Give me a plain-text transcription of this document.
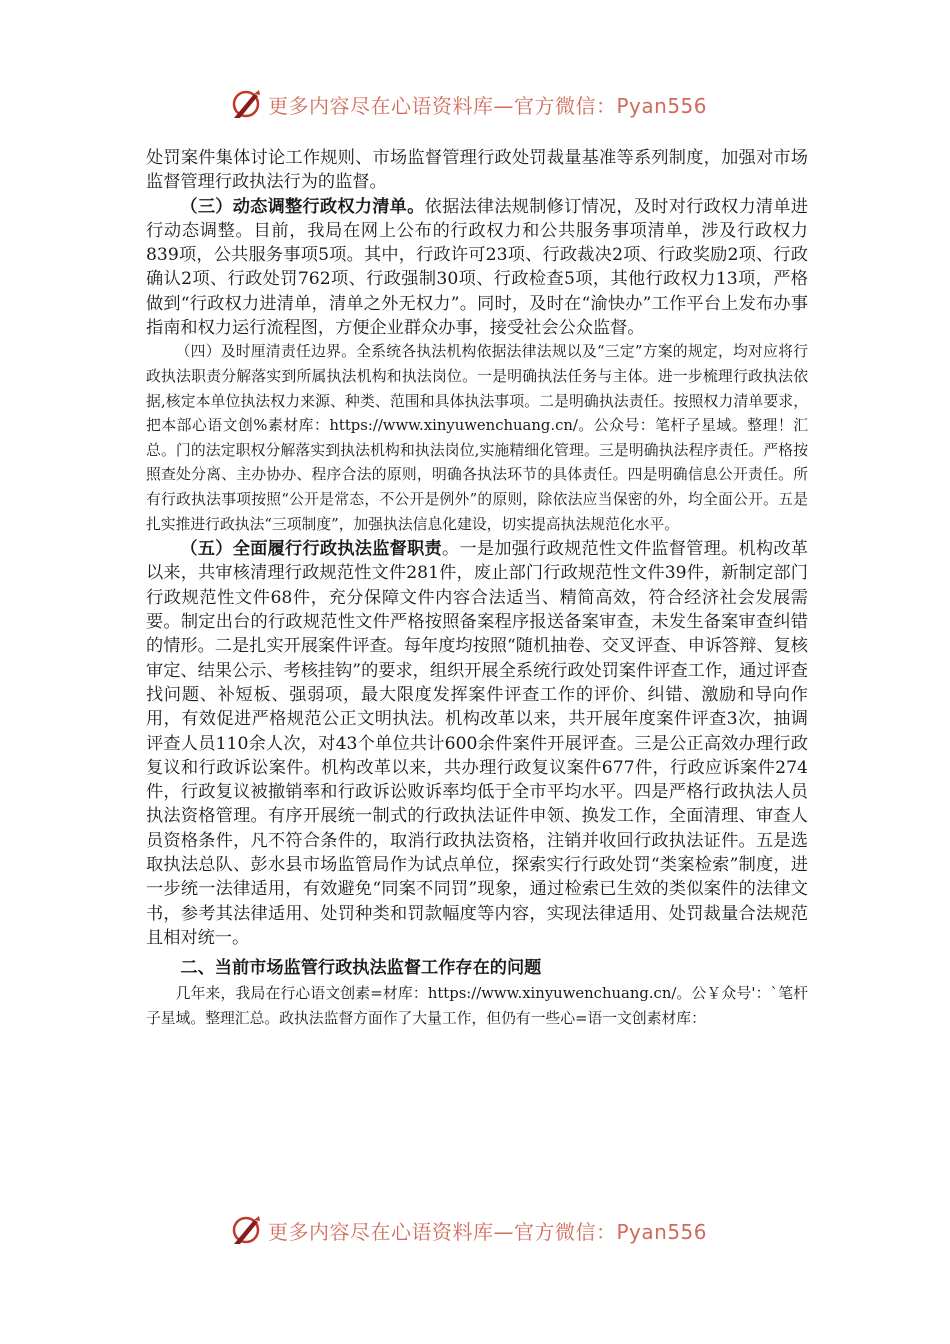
更多内容尽在心语资料库—官方微信：Pyan556

处罚案件集体讨论工作规则、市场监督管理行政处罚裁量基准等系列制度，加强对市场监督管理行政执法行为的监督。

（三）动态调整行政权力清单。依据法律法规制修订情况，及时对行政权力清单进行动态调整。目前，我局在网上公布的行政权力和公共服务事项清单，涉及行政权力839项，公共服务事项5项。其中，行政许可23项、行政裁决2项、行政奖励2项、行政确认2项、行政处罚762项、行政强制30项、行政检查5项，其他行政权力13项，严格做到“行政权力进清单，清单之外无权力”。同时，及时在“渝快办”工作平台上发布办事指南和权力运行流程图，方便企业群众办事，接受社会公众监督。

（四）及时厘清责任边界。全系统各执法机构依据法律法规以及“三定”方案的规定，均对应将行政执法职责分解落实到所属执法机构和执法岗位。一是明确执法任务与主体。进一步梳理行政执法依据,核定本单位执法权力来源、种类、范围和具体执法事项。二是明确执法责任。按照权力清单要求，把本部心语文创%素材库：https://www.xinyuwenchuang.cn/。公众号：笔杆子星域。整理！汇总。门的法定职权分解落实到执法机构和执法岗位,实施精细化管理。三是明确执法程序责任。严格按照查处分离、主办协办、程序合法的原则，明确各执法环节的具体责任。四是明确信息公开责任。所有行政执法事项按照“公开是常态，不公开是例外”的原则，除依法应当保密的外，均全面公开。五是扎实推进行政执法“三项制度”，加强执法信息化建设，切实提高执法规范化水平。

（五）全面履行行政执法监督职责。一是加强行政规范性文件监督管理。机构改革以来，共审核清理行政规范性文件281件，废止部门行政规范性文件39件，新制定部门行政规范性文件68件，充分保障文件内容合法适当、精简高效，符合经济社会发展需要。制定出台的行政规范性文件严格按照备案程序报送备案审查，未发生备案审查纠错的情形。二是扎实开展案件评查。每年度均按照“随机抽卷、交叉评查、申诉答辩、复核审定、结果公示、考核挂钩”的要求，组织开展全系统行政处罚案件评查工作，通过评查找问题、补短板、强弱项，最大限度发挥案件评查工作的评价、纠错、激励和导向作用，有效促进严格规范公正文明执法。机构改革以来，共开展年度案件评查3次，抽调评查人员110余人次，对43个单位共计600余件案件开展评查。三是公正高效办理行政复议和行政诉讼案件。机构改革以来，共办理行政复议案件677件，行政应诉案件274件，行政复议被撤销率和行政诉讼败诉率均低于全市平均水平。四是严格行政执法人员执法资格管理。有序开展统一制式的行政执法证件申领、换发工作，全面清理、审查人员资格条件，凡不符合条件的，取消行政执法资格，注销并收回行政执法证件。五是选取执法总队、彭水县市场监管局作为试点单位，探索实行行政处罚“类案检索”制度，进一步统一法律适用，有效避免“同案不同罚”现象，通过检索已生效的类似案件的法律文书，参考其法律适用、处罚种类和罚款幅度等内容，实现法律适用、处罚裁量合法规范且相对统一。

二、当前市场监管行政执法监督工作存在的问题

几年来，我局在行心语文创素=材库：https://www.xinyuwenchuang.cn/。公￥众号'：`笔杆子星域。整理汇总。政执法监督方面作了大量工作，但仍有一些心=语一文创素材库：

更多内容尽在心语资料库—官方微信：Pyan556
